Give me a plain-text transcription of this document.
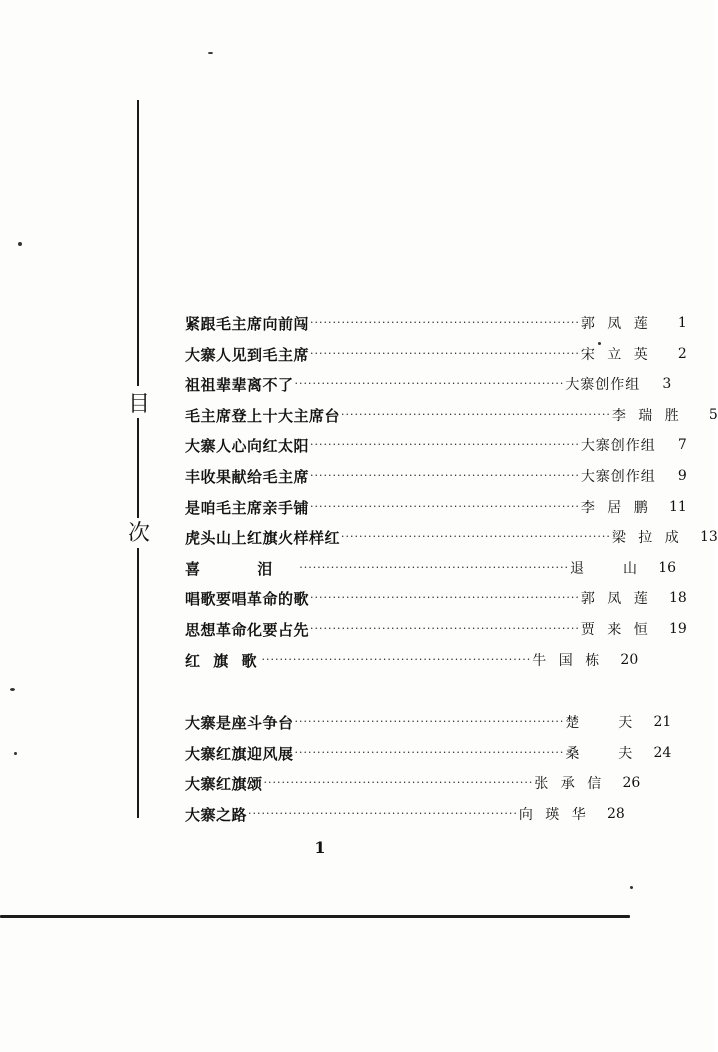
目
次
紧跟毛主席向前闯 ···························································· 郭凤莲	1
大寨人见到毛主席 ···························································· 宋立英	2
祖祖辈辈离不了 ···························································· 大寨创作组	3
毛主席登上十大主席台 ···························································· 李瑞胜	5
大寨人心向红太阳 ···························································· 大寨创作组	7
丰收果献给毛主席 ···························································· 大寨创作组	9
是咱毛主席亲手铺 ···························································· 李居鹏	11
虎头山上红旗火样样红 ···························································· 梁拉成	13
喜 泪 ···························································· 退 山	16
唱歌要唱革命的歌 ···························································· 郭凤莲	18
思想革命化要占先 ···························································· 贾来恒	19
红 旗 歌 ···························································· 牛国栋	20
大寨是座斗争台 ···························································· 楚 天	21
大寨红旗迎风展 ···························································· 桑 夫	24
大寨红旗颂 ···························································· 张承信	26
大寨之路 ···························································· 向瑛华	28
1
